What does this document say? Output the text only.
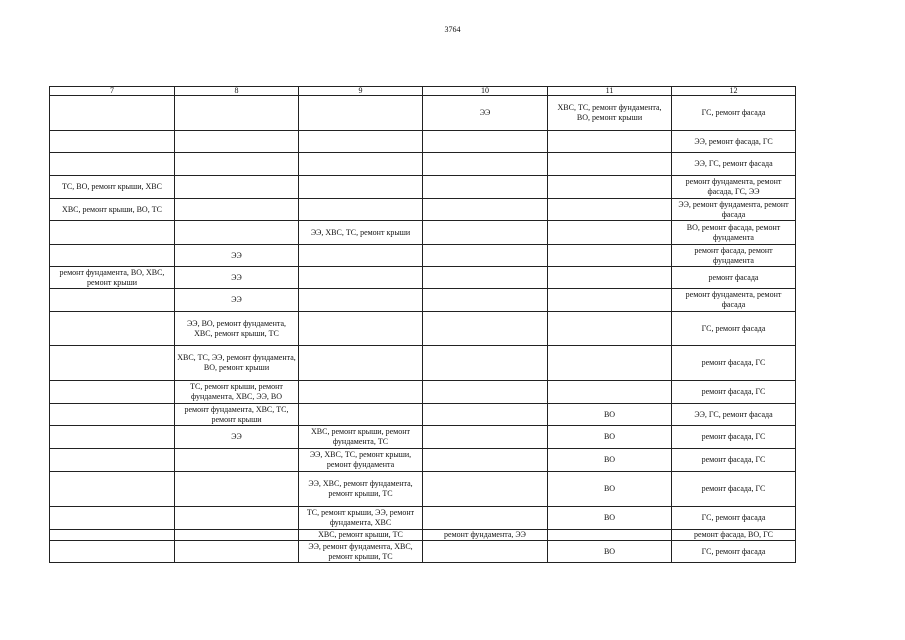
3764
7	8	9	10	11	12
			ЭЭ	ХВС, ТС, ремонт фундамента, ВО, ремонт крыши	ГС, ремонт фасада
					ЭЭ, ремонт фасада, ГС
					ЭЭ, ГС, ремонт фасада
ТС, ВО, ремонт крыши, ХВС					ремонт фундамента, ремонт фасада, ГС, ЭЭ
ХВС, ремонт крыши, ВО, ТС					ЭЭ, ремонт фундамента, ремонт фасада
		ЭЭ, ХВС, ТС, ремонт крыши			ВО, ремонт фасада, ремонт фундамента
	ЭЭ				ремонт фасада, ремонт фундамента
ремонт фундамента, ВО, ХВС, ремонт крыши	ЭЭ				ремонт фасада
	ЭЭ				ремонт фундамента, ремонт фасада
	ЭЭ, ВО, ремонт фундамента, ХВС, ремонт крыши, ТС				ГС, ремонт фасада
	ХВС, ТС, ЭЭ, ремонт фундамента, ВО, ремонт крыши				ремонт фасада, ГС
	ТС, ремонт крыши, ремонт фундамента, ХВС, ЭЭ, ВО				ремонт фасада, ГС
	ремонт фундамента, ХВС, ТС, ремонт крыши			ВО	ЭЭ, ГС, ремонт фасада
	ЭЭ	ХВС, ремонт крыши, ремонт фундамента, ТС		ВО	ремонт фасада, ГС
		ЭЭ, ХВС, ТС, ремонт крыши, ремонт фундамента		ВО	ремонт фасада, ГС
		ЭЭ, ХВС, ремонт фундамента, ремонт крыши, ТС		ВО	ремонт фасада, ГС
		ТС, ремонт крыши, ЭЭ, ремонт фундамента, ХВС		ВО	ГС, ремонт фасада
		ХВС, ремонт крыши, ТС	ремонт фундамента, ЭЭ		ремонт фасада, ВО, ГС
		ЭЭ, ремонт фундамента, ХВС, ремонт крыши, ТС		ВО	ГС, ремонт фасада
